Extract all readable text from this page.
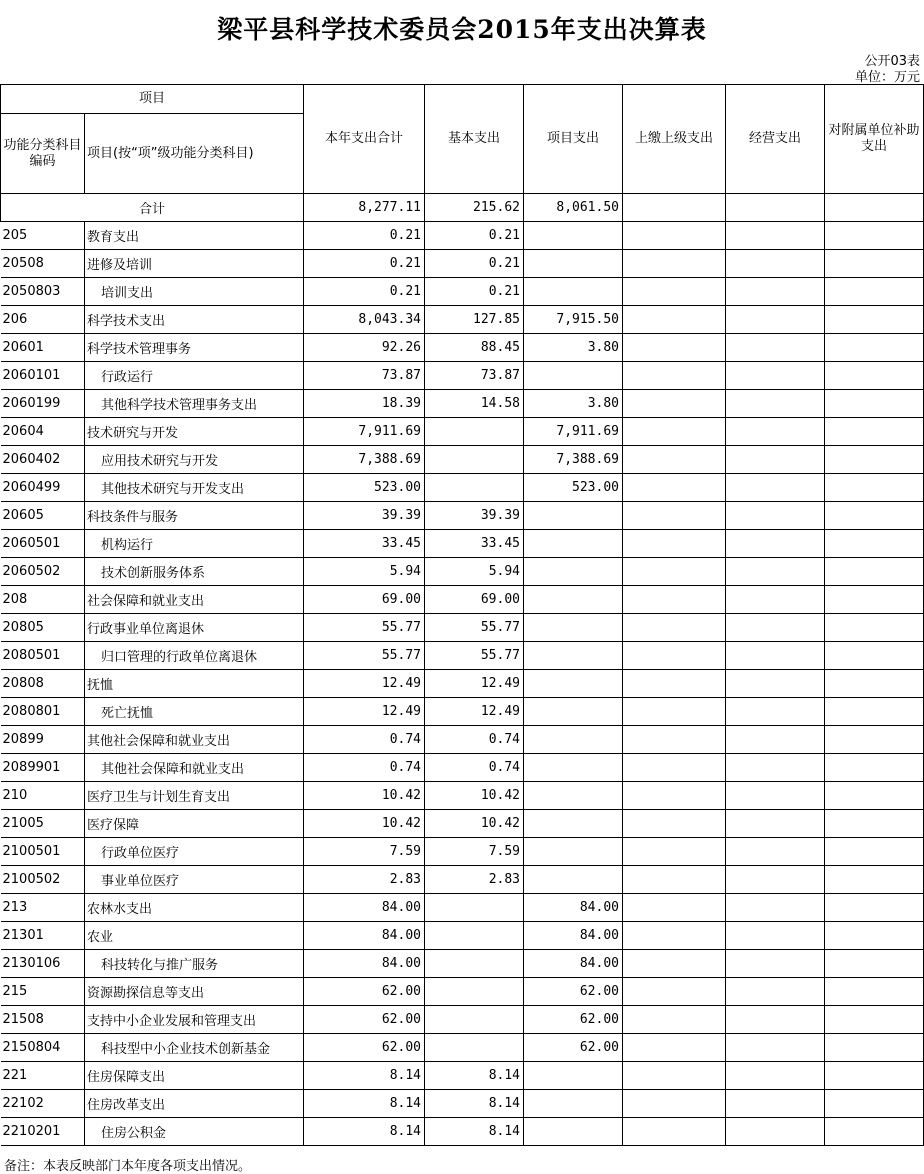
梁平县科学技术委员会2015年支出决算表
公开03表
单位：万元
项目		本年支出合计	基本支出	项目支出	上缴上级支出	经营支出	对附属单位补助支出
功能分类科目编码	项目(按“项”级功能分类科目)						
合计		8,277.11	215.62	8,061.50			
205	教育支出	0.21	0.21				
20508	进修及培训	0.21	0.21				
2050803	培训支出	0.21	0.21				
206	科学技术支出	8,043.34	127.85	7,915.50			
20601	科学技术管理事务	92.26	88.45	3.80			
2060101	行政运行	73.87	73.87				
2060199	其他科学技术管理事务支出	18.39	14.58	3.80			
20604	技术研究与开发	7,911.69		7,911.69			
2060402	应用技术研究与开发	7,388.69		7,388.69			
2060499	其他技术研究与开发支出	523.00		523.00			
20605	科技条件与服务	39.39	39.39				
2060501	机构运行	33.45	33.45				
2060502	技术创新服务体系	5.94	5.94				
208	社会保障和就业支出	69.00	69.00				
20805	行政事业单位离退休	55.77	55.77				
2080501	归口管理的行政单位离退休	55.77	55.77				
20808	抚恤	12.49	12.49				
2080801	死亡抚恤	12.49	12.49				
20899	其他社会保障和就业支出	0.74	0.74				
2089901	其他社会保障和就业支出	0.74	0.74				
210	医疗卫生与计划生育支出	10.42	10.42				
21005	医疗保障	10.42	10.42				
2100501	行政单位医疗	7.59	7.59				
2100502	事业单位医疗	2.83	2.83				
213	农林水支出	84.00		84.00			
21301	农业	84.00		84.00			
2130106	科技转化与推广服务	84.00		84.00			
215	资源勘探信息等支出	62.00		62.00			
21508	支持中小企业发展和管理支出	62.00		62.00			
2150804	科技型中小企业技术创新基金	62.00		62.00			
221	住房保障支出	8.14	8.14				
22102	住房改革支出	8.14	8.14				
2210201	住房公积金	8.14	8.14				
备注：本表反映部门本年度各项支出情况。
